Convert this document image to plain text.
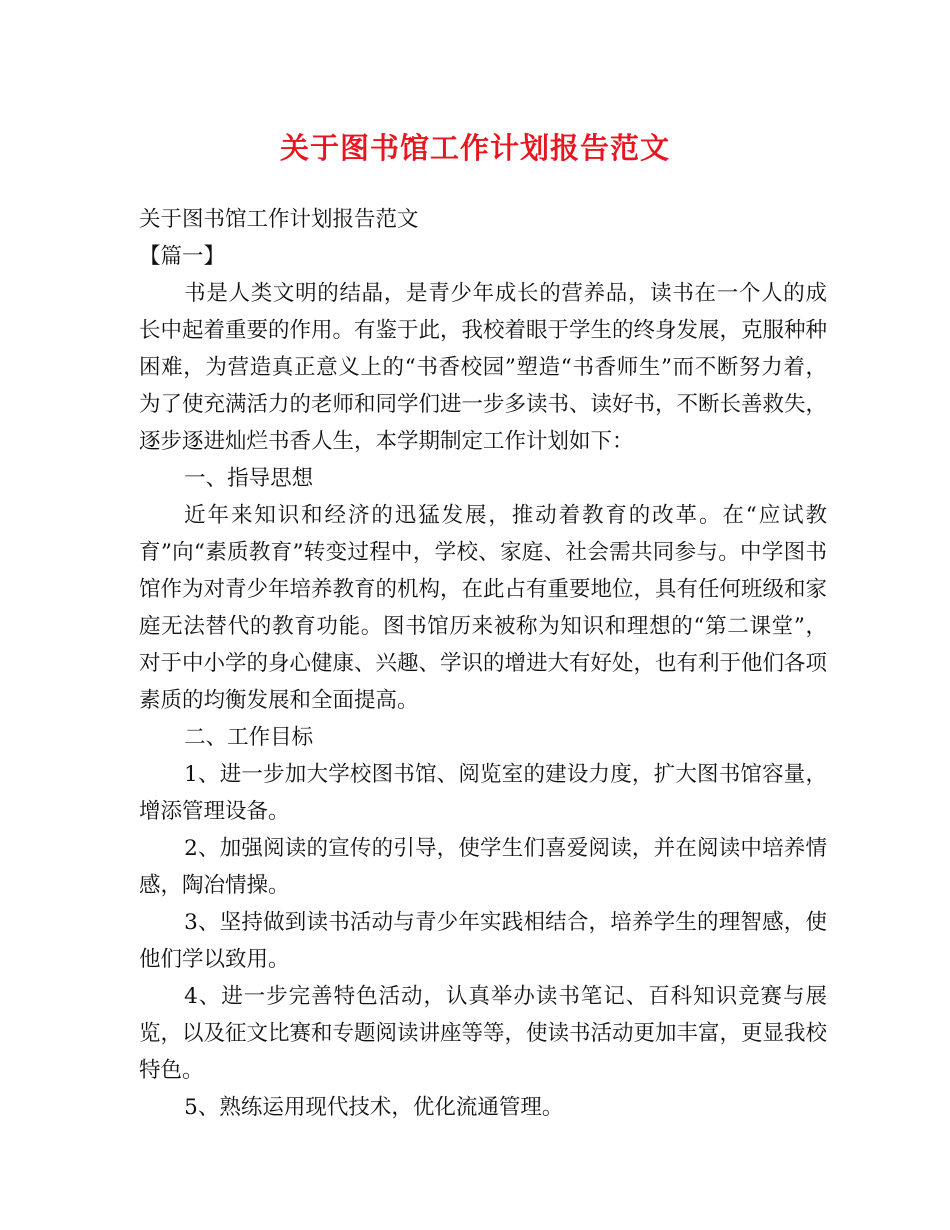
关于图书馆工作计划报告范文

关于图书馆工作计划报告范文

【篇一】

书是人类文明的结晶，是青少年成长的营养品，读书在一个人的成长中起着重要的作用。有鉴于此，我校着眼于学生的终身发展，克服种种困难，为营造真正意义上的“书香校园”塑造“书香师生”而不断努力着，为了使充满活力的老师和同学们进一步多读书、读好书，不断长善救失，逐步逐进灿烂书香人生，本学期制定工作计划如下：

一、指导思想

近年来知识和经济的迅猛发展，推动着教育的改革。在“应试教育”向“素质教育”转变过程中，学校、家庭、社会需共同参与。中学图书馆作为对青少年培养教育的机构，在此占有重要地位，具有任何班级和家庭无法替代的教育功能。图书馆历来被称为知识和理想的“第二课堂”，对于中小学的身心健康、兴趣、学识的增进大有好处，也有利于他们各项素质的均衡发展和全面提高。

二、工作目标

1、进一步加大学校图书馆、阅览室的建设力度，扩大图书馆容量，增添管理设备。

2、加强阅读的宣传的引导，使学生们喜爱阅读，并在阅读中培养情感，陶冶情操。

3、坚持做到读书活动与青少年实践相结合，培养学生的理智感，使他们学以致用。

4、进一步完善特色活动，认真举办读书笔记、百科知识竞赛与展览，以及征文比赛和专题阅读讲座等等，使读书活动更加丰富，更显我校特色。

5、熟练运用现代技术，优化流通管理。
